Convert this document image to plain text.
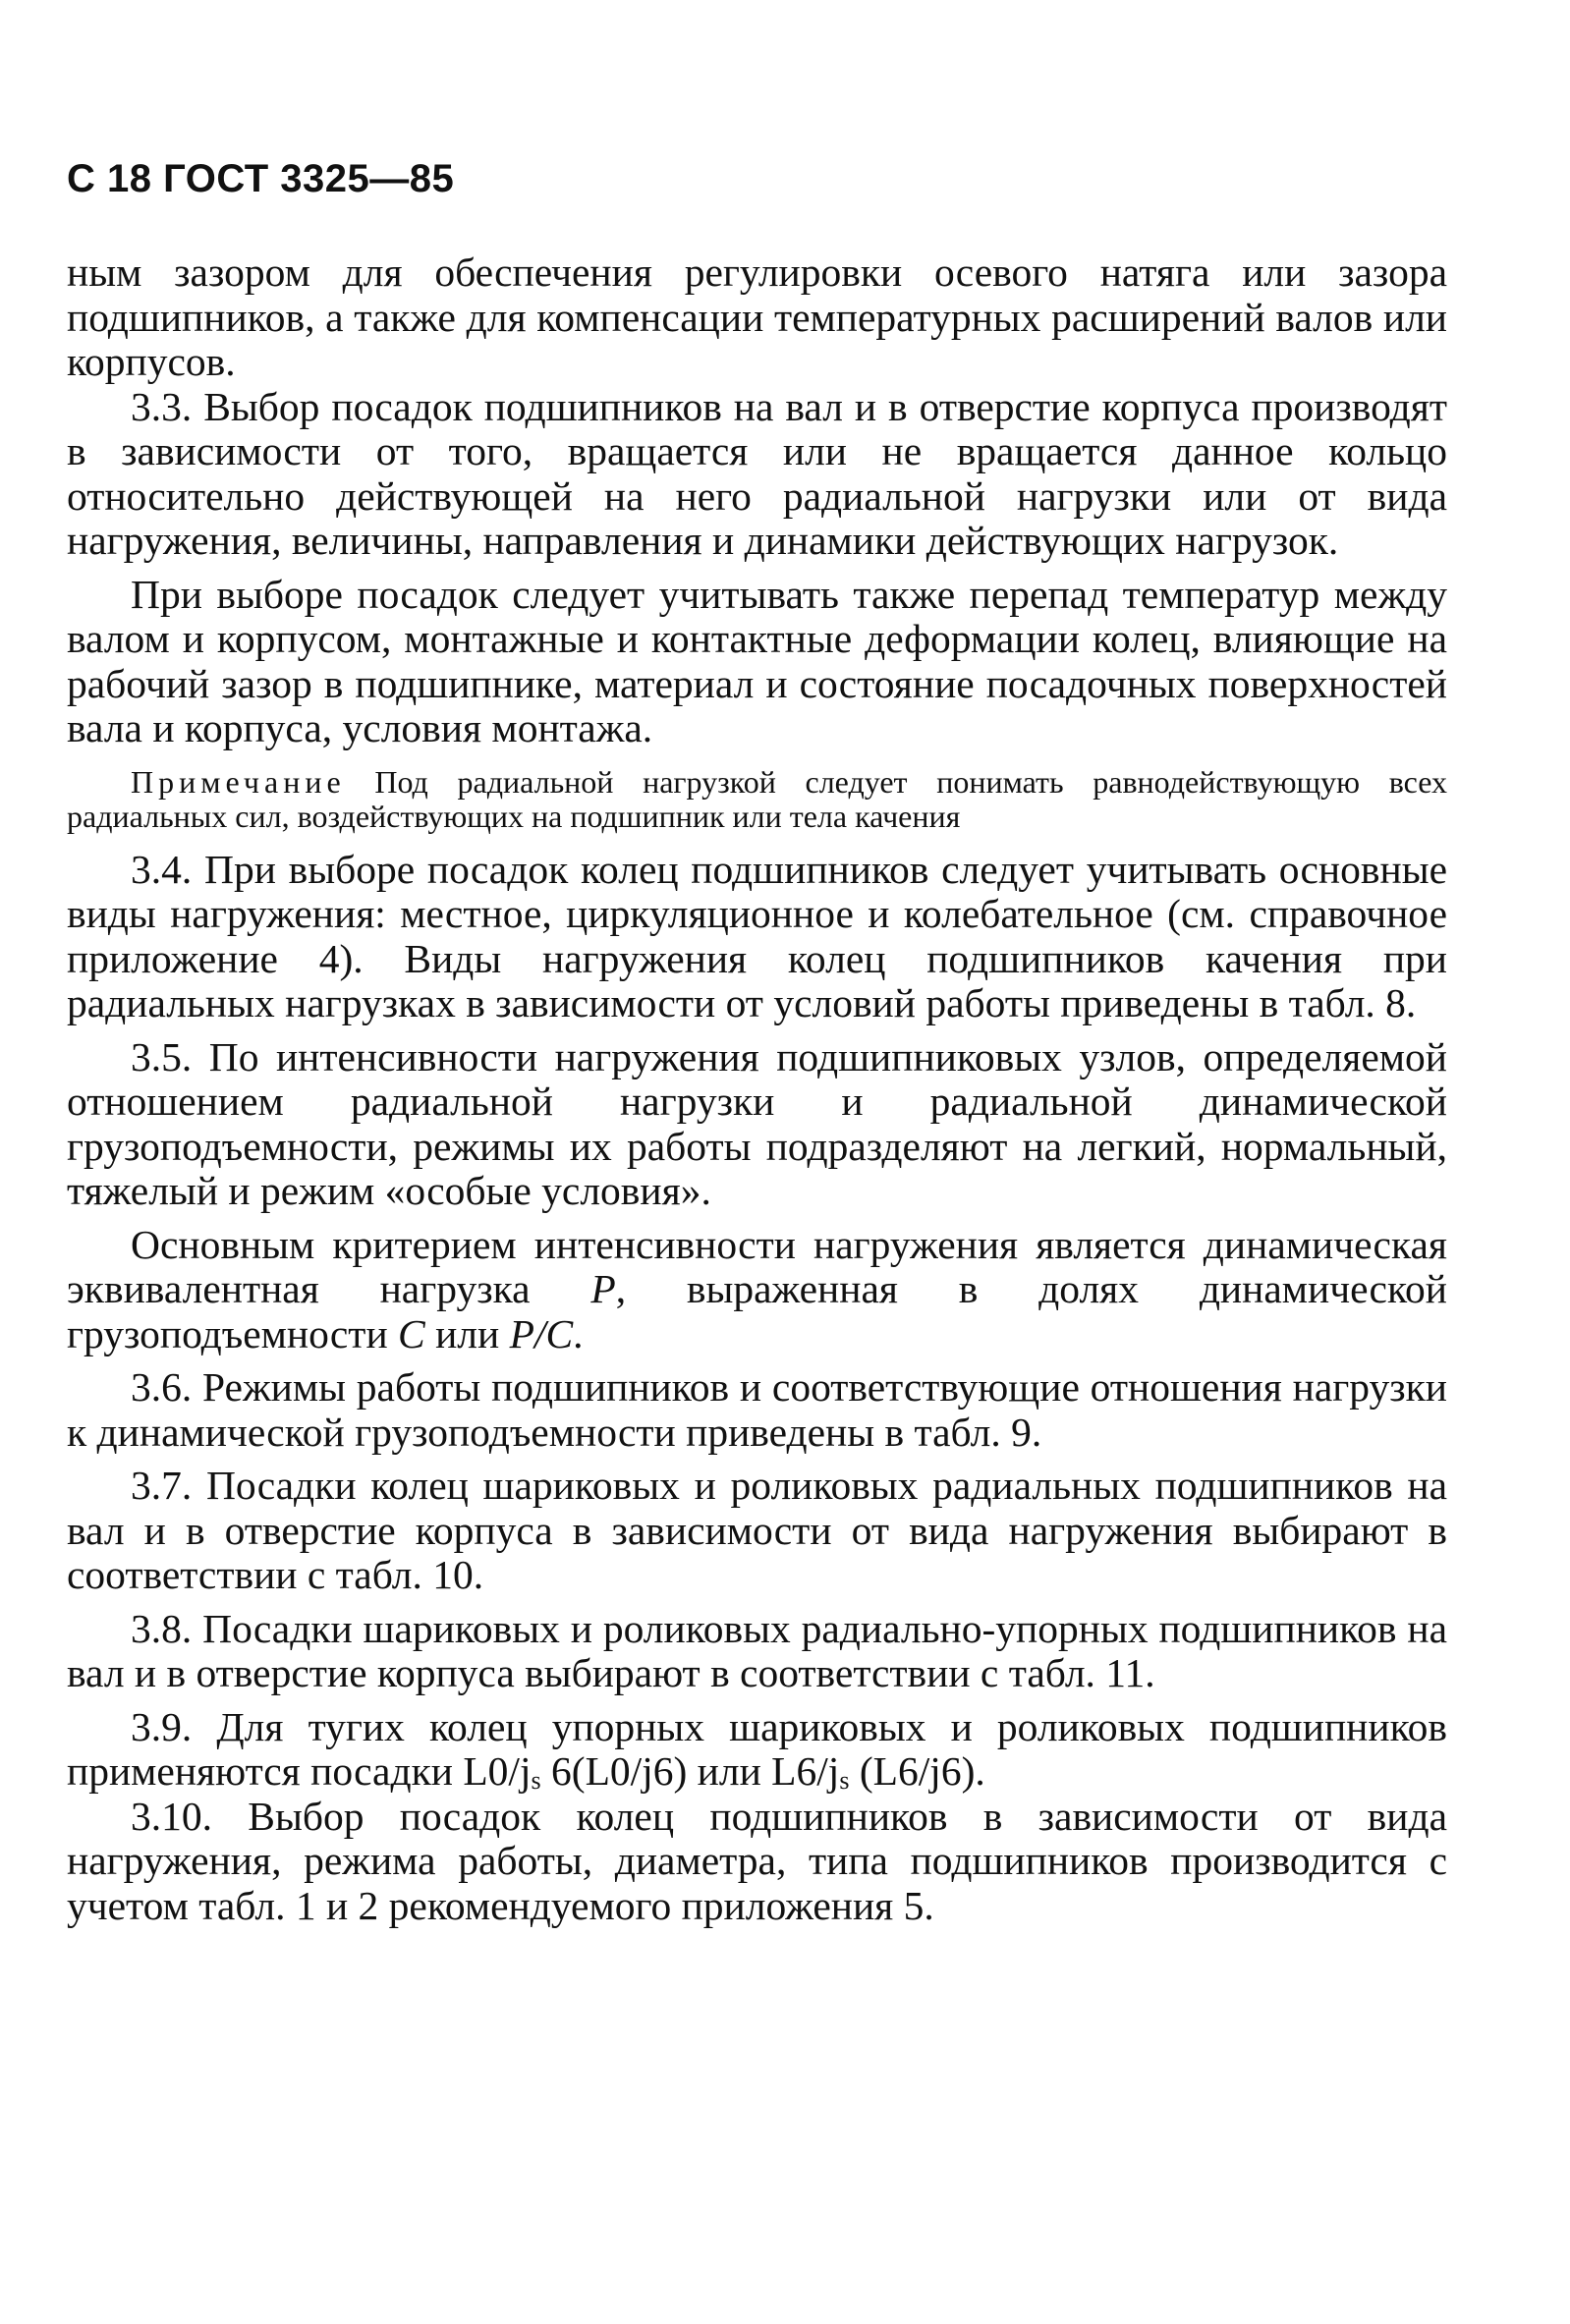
С 18 ГОСТ 3325—85

ным зазором для обеспечения регулировки осевого натяга или зазора подшипников, а также для компенсации температурных расширений валов или корпусов.

3.3. Выбор посадок подшипников на вал и в отверстие корпуса производят в зависимости от того, вращается или не вращается данное кольцо относительно действующей на него радиальной нагрузки или от вида нагружения, величины, направления и динамики действующих нагрузок.

При выборе посадок следует учитывать также перепад температур между валом и корпусом, монтажные и контактные деформации колец, влияющие на рабочий зазор в подшипнике, материал и состояние посадочных поверхностей вала и корпуса, условия монтажа.

Примечание Под радиальной нагрузкой следует понимать равнодействующую всех радиальных сил, воздействующих на подшипник или тела качения

3.4. При выборе посадок колец подшипников следует учитывать основные виды нагружения: местное, циркуляционное и колебательное (см. справочное приложение 4). Виды нагружения колец подшипников качения при радиальных нагрузках в зависимости от условий работы приведены в табл. 8.

3.5. По интенсивности нагружения подшипниковых узлов, определяемой отношением радиальной нагрузки и радиальной динамической грузоподъемности, режимы их работы подразделяют на легкий, нормальный, тяжелый и режим «особые условия».

Основным критерием интенсивности нагружения является динамическая эквивалентная нагрузка P, выраженная в долях динамической грузоподъемности C или P/C.

3.6. Режимы работы подшипников и соответствующие отношения нагрузки к динамической грузоподъемности приведены в табл. 9.

3.7. Посадки колец шариковых и роликовых радиальных подшипников на вал и в отверстие корпуса в зависимости от вида нагружения выбирают в соответствии с табл. 10.

3.8. Посадки шариковых и роликовых радиально-упорных подшипников на вал и в отверстие корпуса выбирают в соответствии с табл. 11.

3.9. Для тугих колец упорных шариковых и роликовых подшипников применяются посадки $L0/j_s$ 6(L0/j6) или $L6/j_s$ (L6/j6).

3.10. Выбор посадок колец подшипников в зависимости от вида нагружения, режима работы, диаметра, типа подшипников производится с учетом табл. 1 и 2 рекомендуемого приложения 5.
